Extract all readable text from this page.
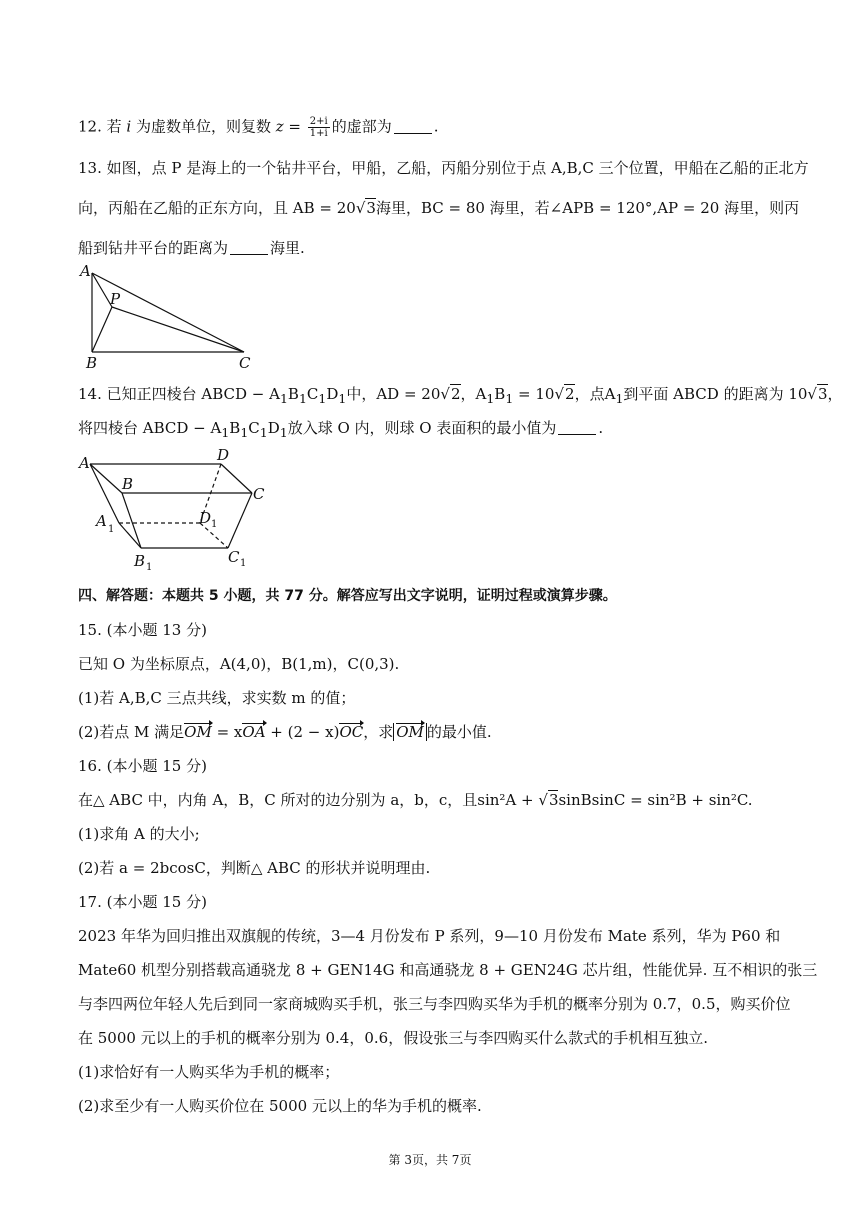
12. 若 i 为虚数单位，则复数 $z = \frac{2+i}{1+i}$ 的虚部为	.
13. 如图，点 P 是海上的一个钻井平台，甲船，乙船，丙船分别位于点 A,B,C 三个位置，甲船在乙船的正北方
向，丙船在乙船的正东方向，且 AB = 20√3海里，BC = 80 海里，若∠APB = 120°,AP = 20 海里，则丙
船到钻井平台的距离为	海里.
A
P
B	C
14. 已知正四棱台 ABCD − $A_1B_1C_1D_1$中，AD = 20√2，$A_1B_1 = 10√2$，点$A_1$到平面 ABCD 的距离为 10√3，
将四棱台 ABCD − $A_1B_1C_1D_1$放入球 O 内，则球 O 表面积的最小值为	.
A	D
B
C
A 1
D 1
B 1
C 1
四、解答题：本题共 5 小题，共 77 分。解答应写出文字说明，证明过程或演算步骤。
15. (本小题 13 分)
已知 O 为坐标原点，A(4,0)，B(1,m)，C(0,3).
(1)若 A,B,C 三点共线，求实数 m 的值；
(2)若点 M 满足OM = xOA + (2 − x)OC，求 OM 的最小值.
16. (本小题 15 分)
在△ ABC 中，内角 A，B，C 所对的边分别为 a，b，c，且sin²A + √3sinBsinC = sin²B + sin²C.
(1)求角 A 的大小;
(2)若 a = 2bcosC，判断△ ABC 的形状并说明理由.
17. (本小题 15 分)
2023 年华为回归推出双旗舰的传统，3—4 月份发布 P 系列，9—10 月份发布 Mate 系列，华为 P60 和
Mate60 机型分别搭载高通骁龙 8 + GEN14G 和高通骁龙 8 + GEN24G 芯片组，性能优异. 互不相识的张三
与李四两位年轻人先后到同一家商城购买手机，张三与李四购买华为手机的概率分别为 0.7，0.5，购买价位
在 5000 元以上的手机的概率分别为 0.4，0.6，假设张三与李四购买什么款式的手机相互独立.
(1)求恰好有一人购买华为手机的概率；
(2)求至少有一人购买价位在 5000 元以上的华为手机的概率.
第 3页，共 7页
